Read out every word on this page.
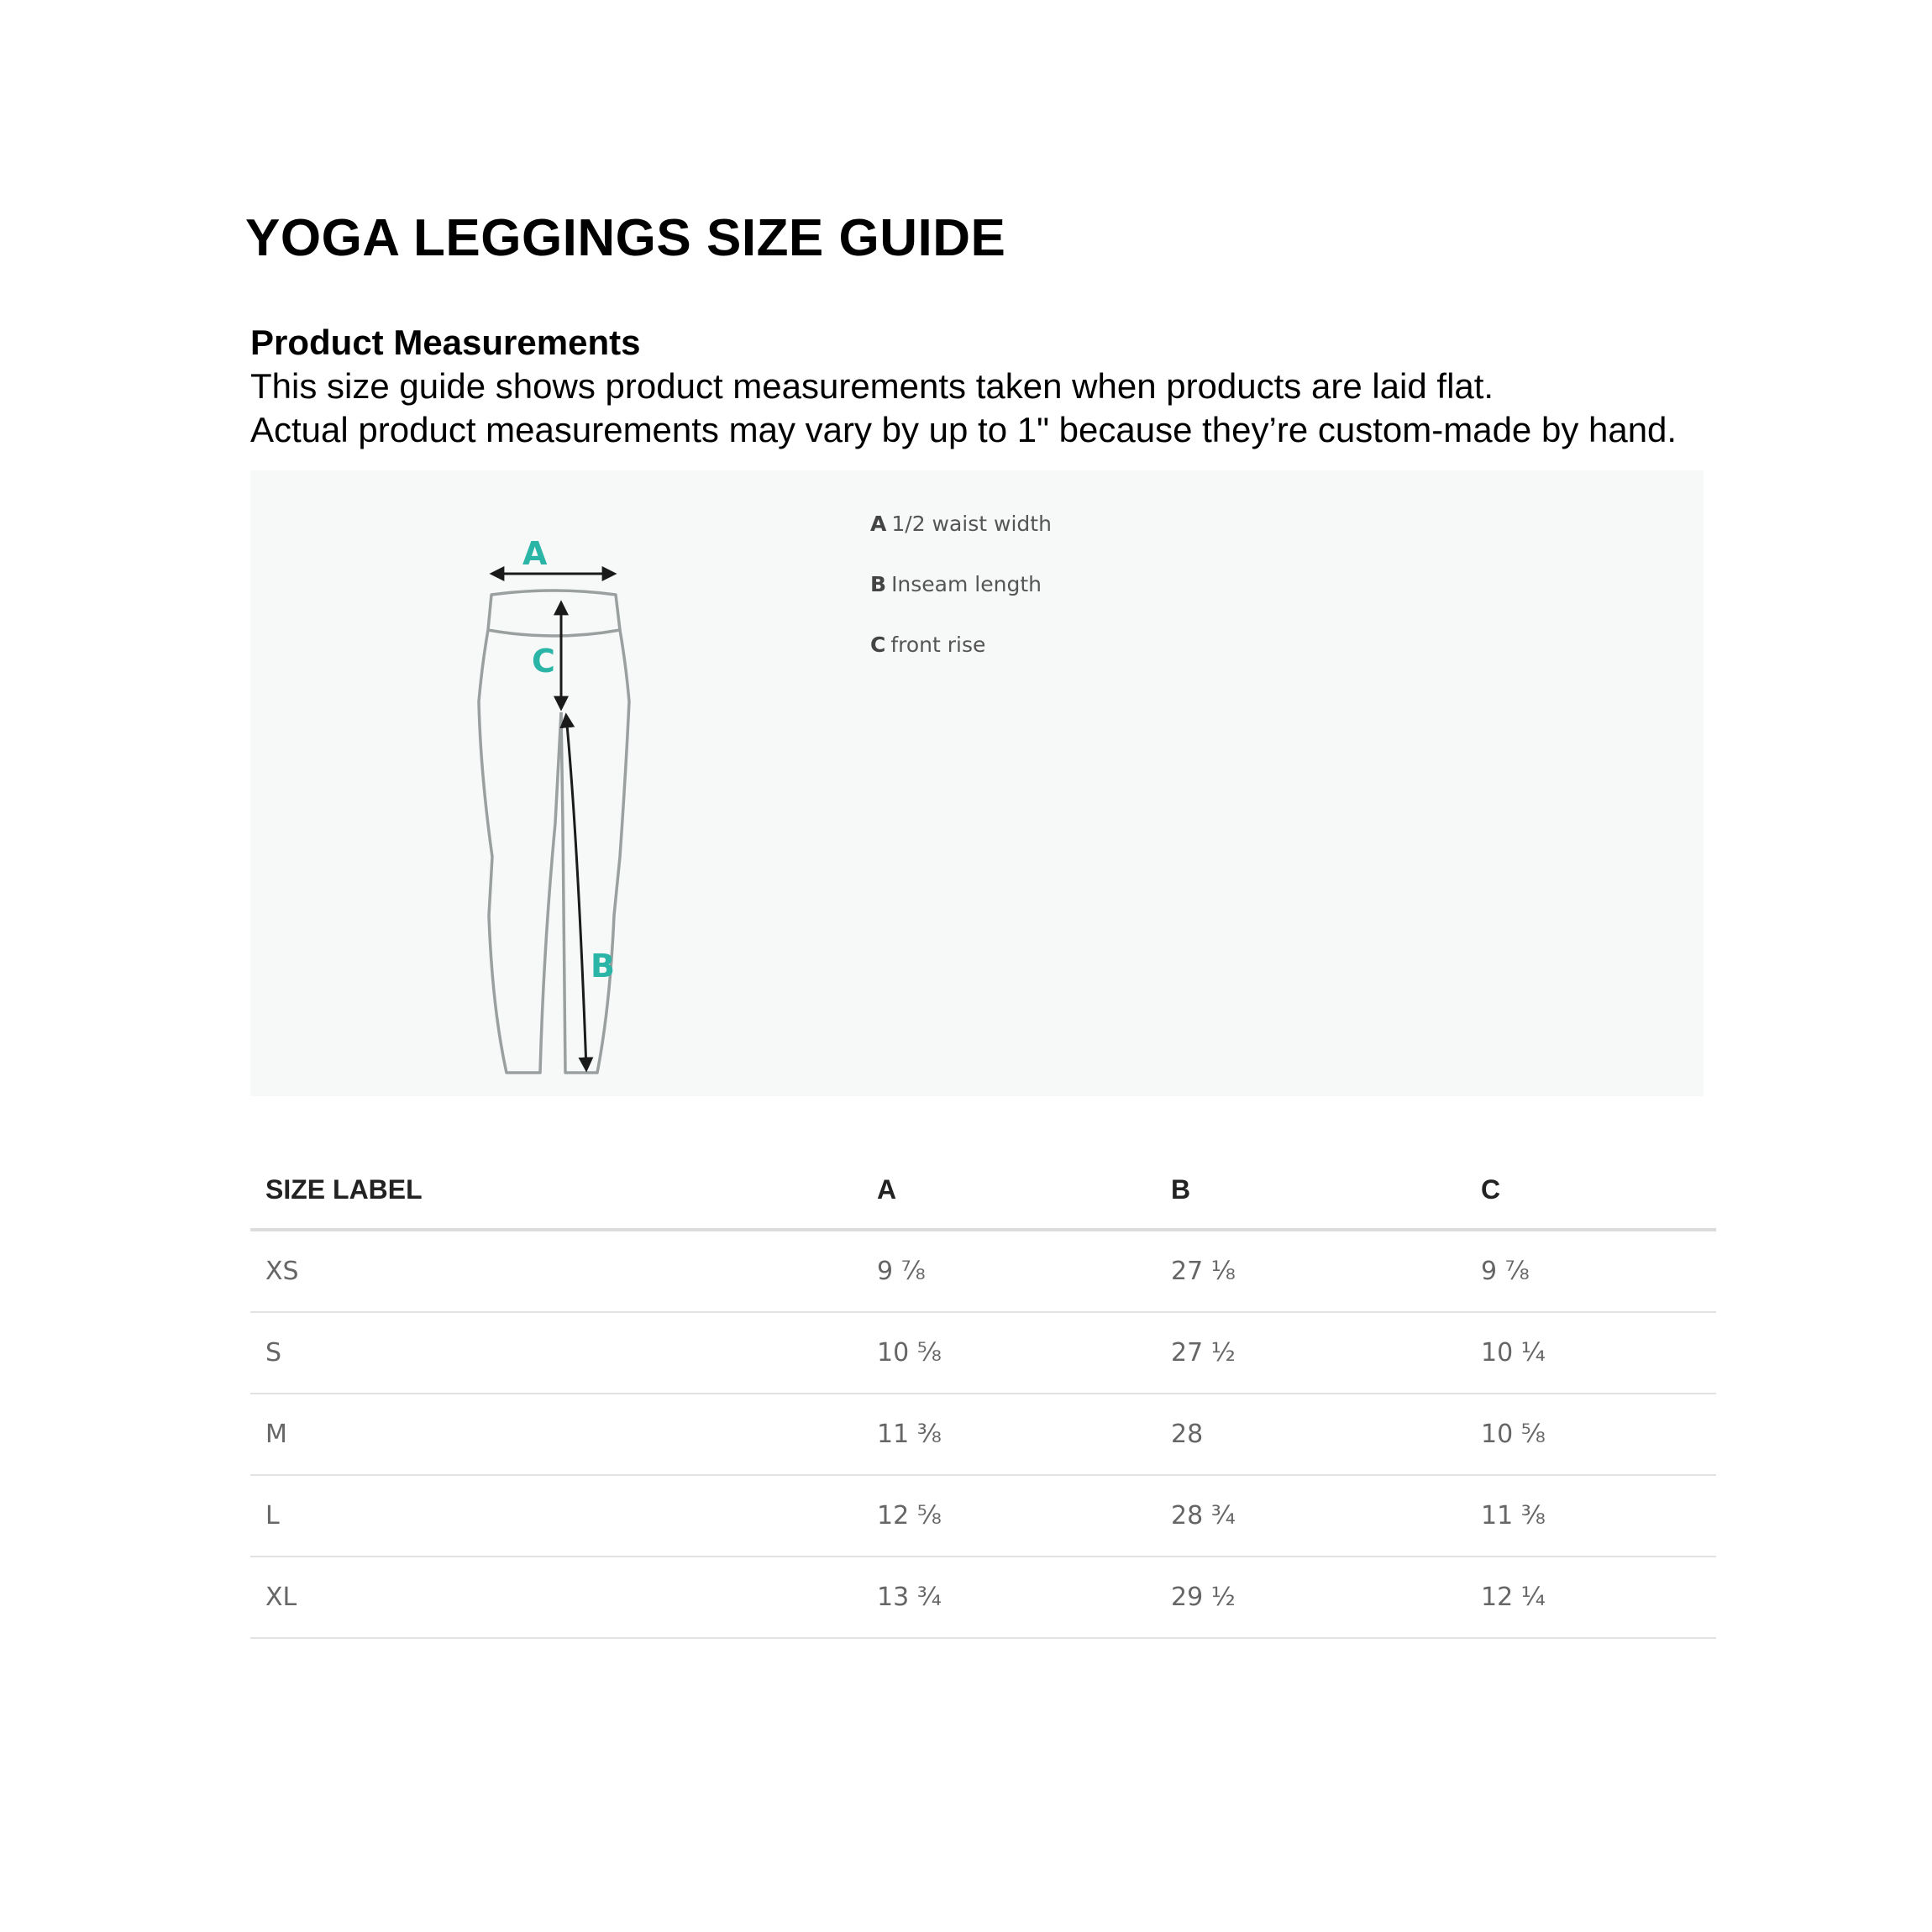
YOGA LEGGINGS SIZE GUIDE

Product Measurements

This size guide shows product measurements taken when products are laid flat.

Actual product measurements may vary by up to 1" because they’re custom-made by hand.

A
C
B
A 1/2 waist width
B Inseam length
C front rise
SIZE LABEL	A	B	C
XS	9 ⅞	27 ⅛	9 ⅞
S	10 ⅝	27 ½	10 ¼
M	11 ⅜	28	10 ⅝
L	12 ⅝	28 ¾	11 ⅜
XL	13 ¾	29 ½	12 ¼
